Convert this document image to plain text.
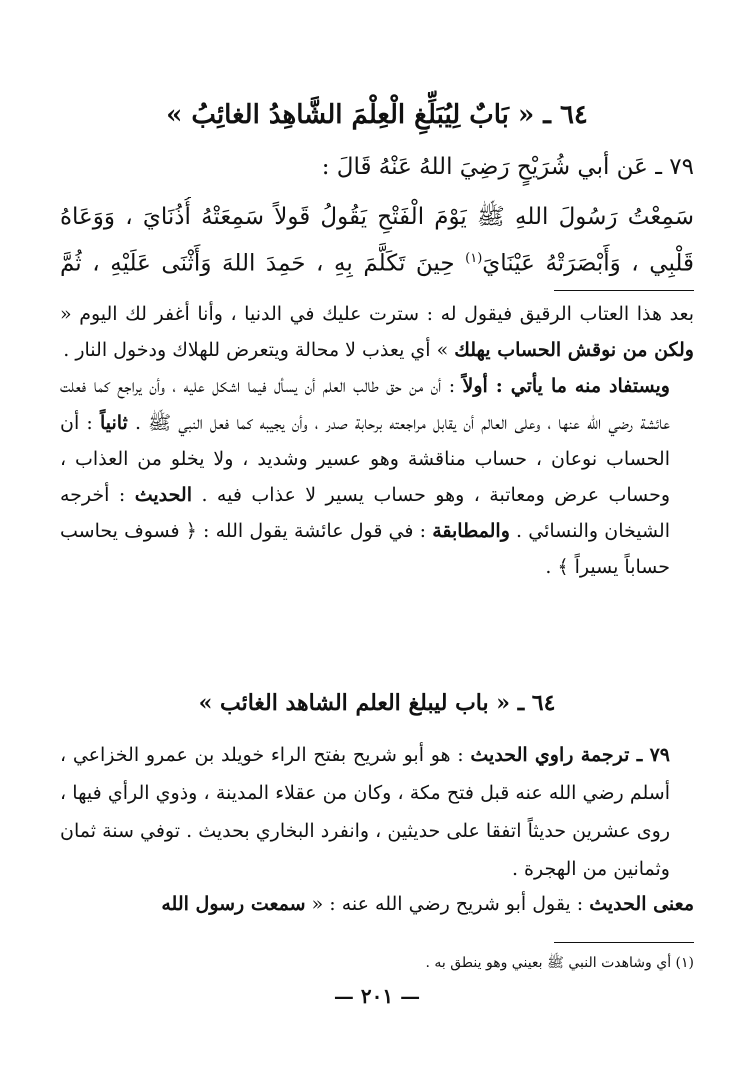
٦٤ ـ « بَابٌ لِيُبَلِّغِ الْعِلْمَ الشَّاهِدُ الغائِبُ »
٧٩ ـ عَن أبي شُرَيْحٍ رَضِيَ اللهُ عَنْهُ قَالَ :
سَمِعْتُ رَسُولَ اللهِ ﷺ يَوْمَ الْفَتْحِ يَقُولُ قَولاً سَمِعَتْهُ أُذُنَايَ ، وَوَعَاهُ
قَلْبِي ، وَأَبْصَرَتْهُ عَيْنَايَ$^{(١)}$ حِينَ تَكَلَّمَ بِهِ ، حَمِدَ اللهَ وَأَثْنَى عَلَيْهِ ، ثُمَّ

بعد هذا العتاب الرقيق فيقول له : سترت عليك في الدنيا ، وأنا أغفر لك اليوم « ولكن من نوقش الحساب يهلك » أي يعذب لا محالة ويتعرض للهلاك ودخول النار .

ويستفاد منه ما يأتي : أولاً : أن من حق طالب العلم أن يسأل فيما اشكل عليه ، وأن يراجع كما فعلت عائشة رضي الله عنها ، وعلى العالم أن يقابل مراجعته برحابة صدر ، وأن يجيبه كما فعل النبي ﷺ . ثانياً : أن الحساب نوعان ، حساب مناقشة وهو عسير وشديد ، ولا يخلو من العذاب ، وحساب عرض ومعاتبة ، وهو حساب يسير لا عذاب فيه . الحديث : أخرجه الشيخان والنسائي . والمطابقة : في قول عائشة يقول الله : ﴿ فسوف يحاسب حساباً يسيراً ﴾ .

٦٤ ـ « باب ليبلغ العلم الشاهد الغائب »

٧٩ ـ ترجمة راوي الحديث : هو أبو شريح بفتح الراء خويلد بن عمرو الخزاعي ، أسلم رضي الله عنه قبل فتح مكة ، وكان من عقلاء المدينة ، وذوي الرأي فيها ، روى عشرين حديثاً اتفقا على حديثين ، وانفرد البخاري بحديث . توفي سنة ثمان وثمانين من الهجرة .

معنى الحديث : يقول أبو شريح رضي الله عنه : « سمعت رسول الله

(١) أي وشاهدت النبي ﷺ بعيني وهو ينطق به .
— ٢٠١ —
